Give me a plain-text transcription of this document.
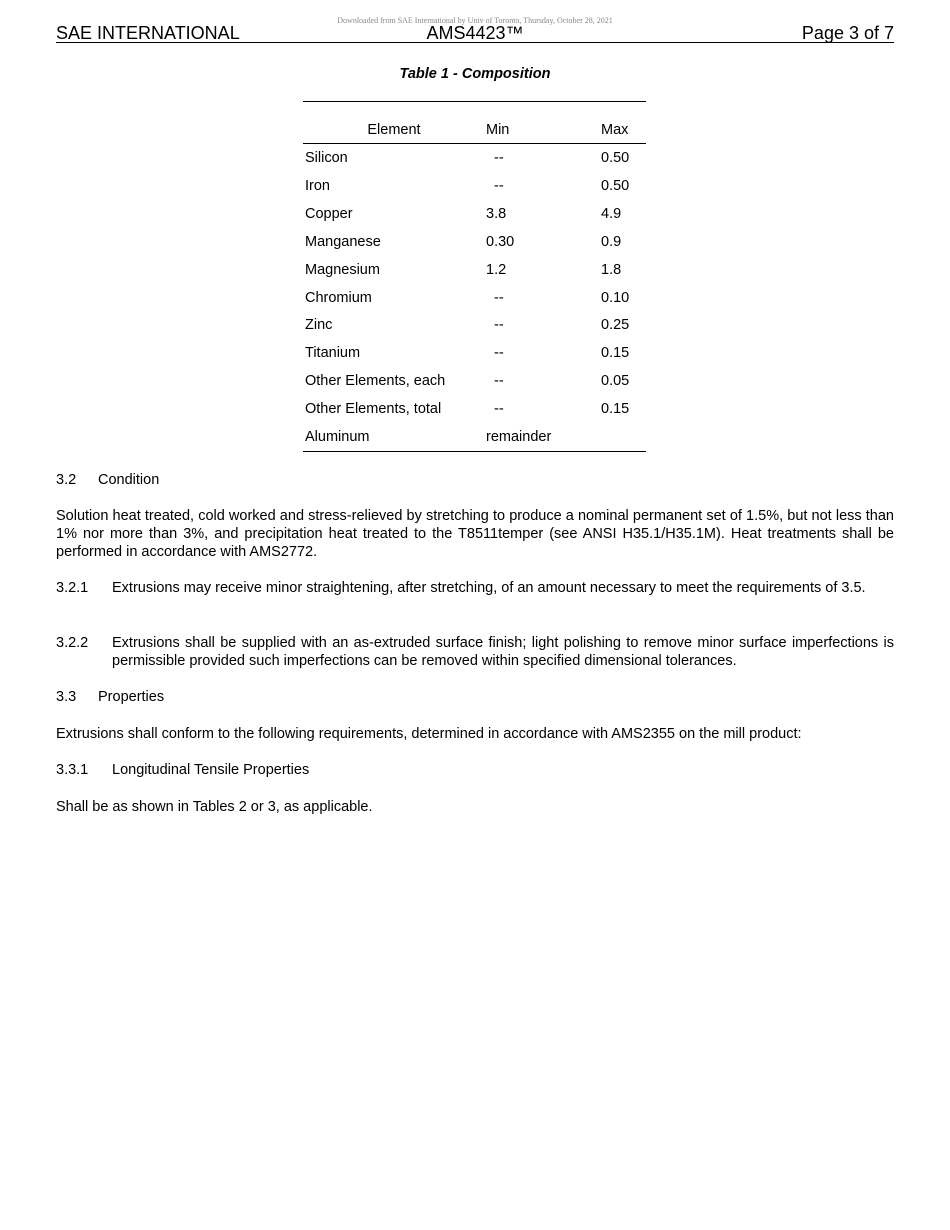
Downloaded from SAE International by Univ of Toronto, Thursday, October 28, 2021
SAE INTERNATIONAL	AMS4423™	Page 3 of 7
Table 1 - Composition
Element	Min	Max
Silicon	--	0.50
Iron	--	0.50
Copper	3.8	4.9
Manganese	0.30	0.9
Magnesium	1.2	1.8
Chromium	--	0.10
Zinc	--	0.25
Titanium	--	0.15
Other Elements, each	--	0.05
Other Elements, total	--	0.15
Aluminum	remainder
3.2 Condition
Solution heat treated, cold worked and stress-relieved by stretching to produce a nominal permanent set of 1.5%, but not less than 1% nor more than 3%, and precipitation heat treated to the T8511temper (see ANSI H35.1/H35.1M). Heat treatments shall be performed in accordance with AMS2772.
3.2.1 Extrusions may receive minor straightening, after stretching, of an amount necessary to meet the requirements of 3.5.
3.2.2 Extrusions shall be supplied with an as-extruded surface finish; light polishing to remove minor surface imperfections is permissible provided such imperfections can be removed within specified dimensional tolerances.
3.3 Properties
Extrusions shall conform to the following requirements, determined in accordance with AMS2355 on the mill product:
3.3.1 Longitudinal Tensile Properties
Shall be as shown in Tables 2 or 3, as applicable.
